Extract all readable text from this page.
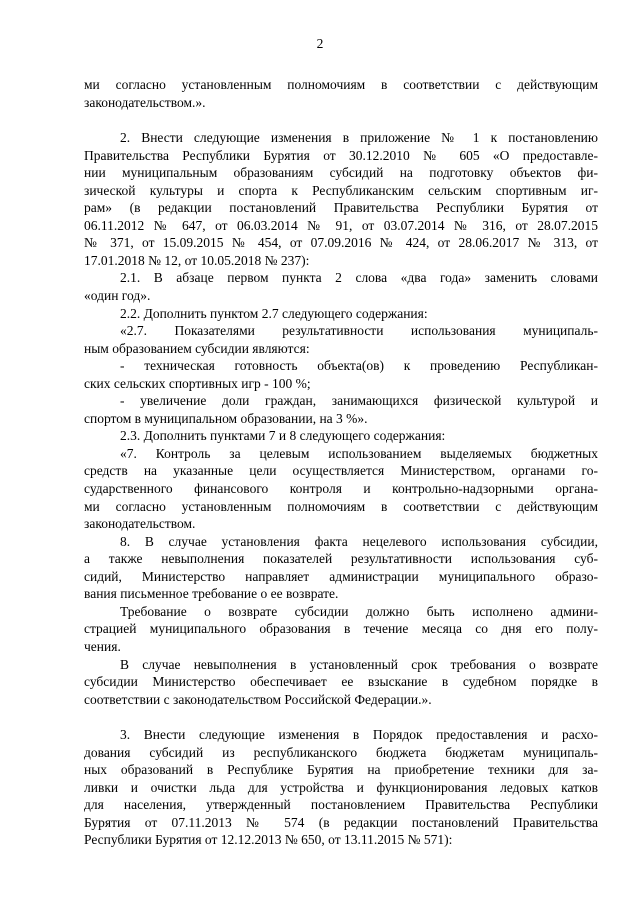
2
ми согласно установленным полномочиям в соответствии с действующим
законодательством.».
2. Внести следующие изменения в приложение № 1 к постановлению
Правительства Республики Бурятия от 30.12.2010 № 605 «О предоставле-
нии муниципальным образованиям субсидий на подготовку объектов фи-
зической культуры и спорта к Республиканским сельским спортивным иг-
рам» (в редакции постановлений Правительства Республики Бурятия от
06.11.2012 № 647, от 06.03.2014 № 91, от 03.07.2014 № 316, от 28.07.2015
№ 371, от 15.09.2015 № 454, от 07.09.2016 № 424, от 28.06.2017 № 313, от
17.01.2018 № 12, от 10.05.2018 № 237):
2.1. В абзаце первом пункта 2 слова «два года» заменить словами
«один год».
2.2. Дополнить пунктом 2.7 следующего содержания:
«2.7. Показателями результативности использования муниципаль-
ным образованием субсидии являются:
- техническая готовность объекта(ов) к проведению Республикан-
ских сельских спортивных игр - 100 %;
- увеличение доли граждан, занимающихся физической культурой и
спортом в муниципальном образовании, на 3 %».
2.3. Дополнить пунктами 7 и 8 следующего содержания:
«7. Контроль за целевым использованием выделяемых бюджетных
средств на указанные цели осуществляется Министерством, органами го-
сударственного финансового контроля и контрольно-надзорными органа-
ми согласно установленным полномочиям в соответствии с действующим
законодательством.
8. В случае установления факта нецелевого использования субсидии,
а также невыполнения показателей результативности использования суб-
сидий, Министерство направляет администрации муниципального образо-
вания письменное требование о ее возврате.
Требование о возврате субсидии должно быть исполнено админи-
страцией муниципального образования в течение месяца со дня его полу-
чения.
В случае невыполнения в установленный срок требования о возврате
субсидии Министерство обеспечивает ее взыскание в судебном порядке в
соответствии с законодательством Российской Федерации.».
3. Внести следующие изменения в Порядок предоставления и расхо-
дования субсидий из республиканского бюджета бюджетам муниципаль-
ных образований в Республике Бурятия на приобретение техники для за-
ливки и очистки льда для устройства и функционирования ледовых катков
для населения, утвержденный постановлением Правительства Республики
Бурятия от 07.11.2013 № 574 (в редакции постановлений Правительства
Республики Бурятия от 12.12.2013 № 650, от 13.11.2015 № 571):
